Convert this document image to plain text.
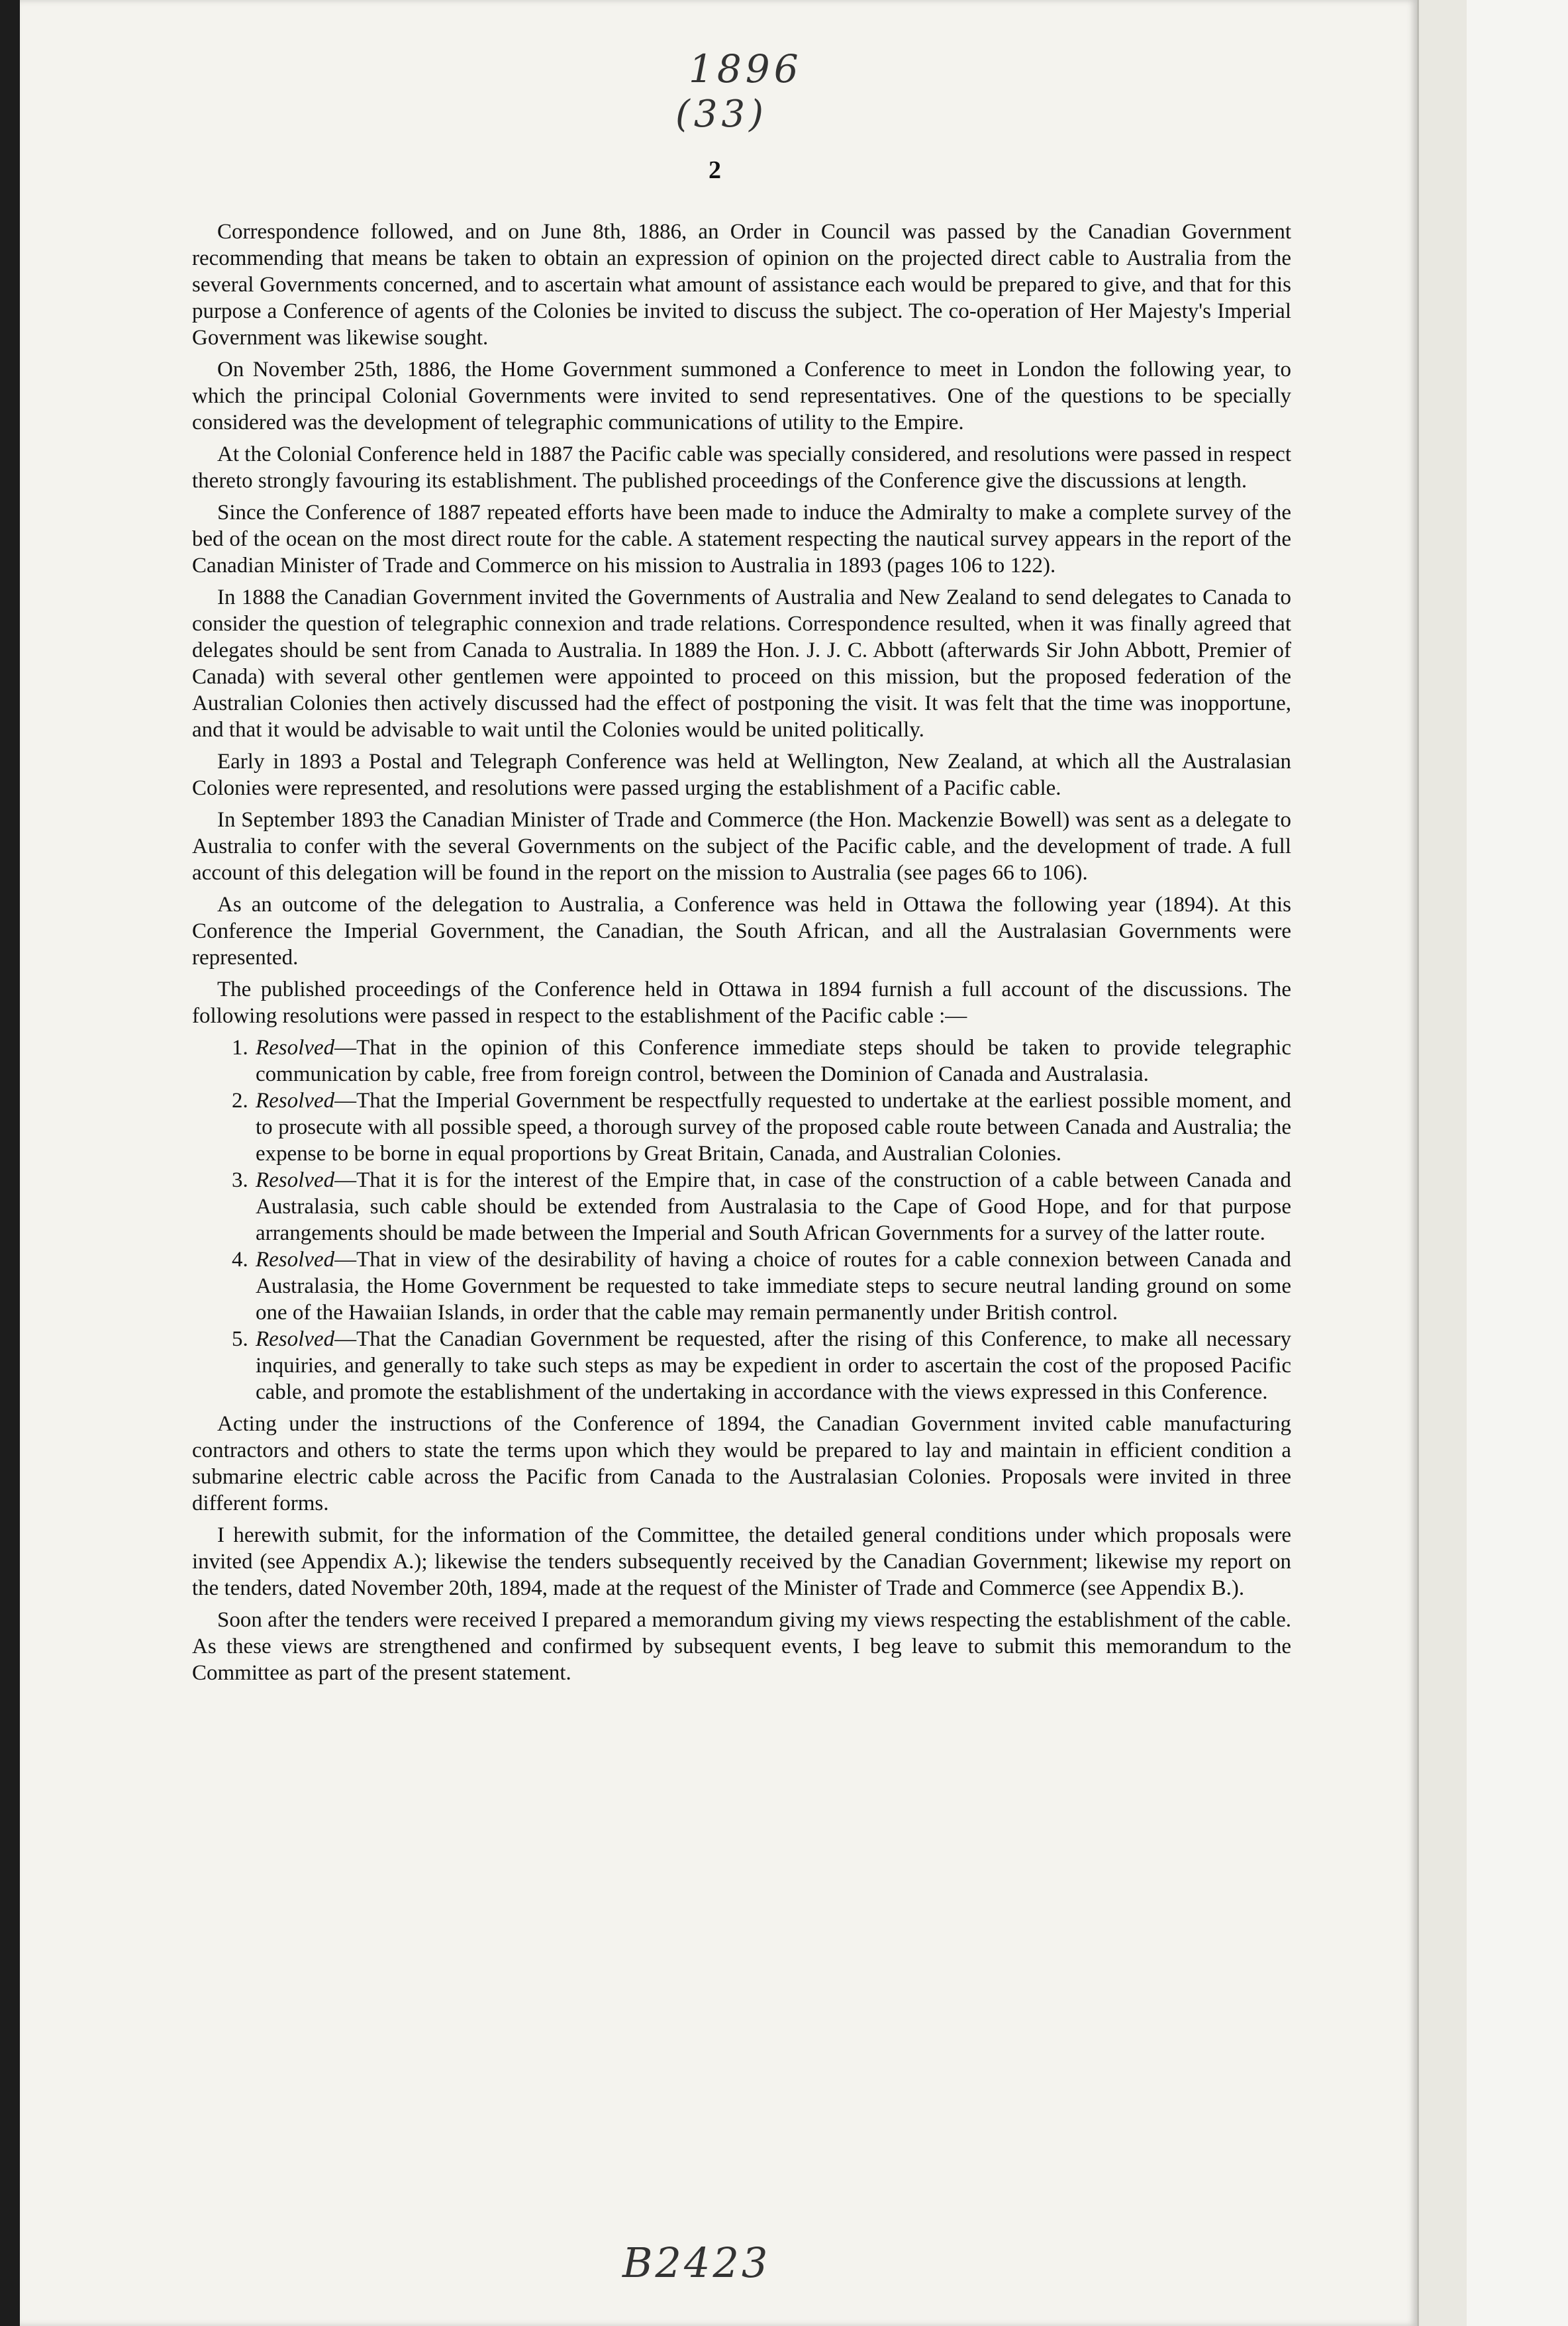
1896
(33)
2

Correspondence followed, and on June 8th, 1886, an Order in Council was passed by the Canadian Government recommending that means be taken to obtain an expression of opinion on the projected direct cable to Australia from the several Governments concerned, and to ascertain what amount of assistance each would be prepared to give, and that for this purpose a Conference of agents of the Colonies be invited to discuss the subject. The co-operation of Her Majesty's Imperial Government was likewise sought.

On November 25th, 1886, the Home Government summoned a Conference to meet in London the following year, to which the principal Colonial Governments were invited to send representatives. One of the questions to be specially considered was the development of telegraphic communications of utility to the Empire.

At the Colonial Conference held in 1887 the Pacific cable was specially considered, and resolutions were passed in respect thereto strongly favouring its establishment. The published proceedings of the Conference give the discussions at length.

Since the Conference of 1887 repeated efforts have been made to induce the Admiralty to make a complete survey of the bed of the ocean on the most direct route for the cable. A statement respecting the nautical survey appears in the report of the Canadian Minister of Trade and Commerce on his mission to Australia in 1893 (pages 106 to 122).

In 1888 the Canadian Government invited the Governments of Australia and New Zealand to send delegates to Canada to consider the question of telegraphic connexion and trade relations. Correspondence resulted, when it was finally agreed that delegates should be sent from Canada to Australia. In 1889 the Hon. J. J. C. Abbott (afterwards Sir John Abbott, Premier of Canada) with several other gentlemen were appointed to proceed on this mission, but the proposed federation of the Australian Colonies then actively discussed had the effect of postponing the visit. It was felt that the time was inopportune, and that it would be advisable to wait until the Colonies would be united politically.

Early in 1893 a Postal and Telegraph Conference was held at Wellington, New Zealand, at which all the Australasian Colonies were represented, and resolutions were passed urging the establishment of a Pacific cable.

In September 1893 the Canadian Minister of Trade and Commerce (the Hon. Mackenzie Bowell) was sent as a delegate to Australia to confer with the several Governments on the subject of the Pacific cable, and the development of trade. A full account of this delegation will be found in the report on the mission to Australia (see pages 66 to 106).

As an outcome of the delegation to Australia, a Conference was held in Ottawa the following year (1894). At this Conference the Imperial Government, the Canadian, the South African, and all the Australasian Governments were represented.

The published proceedings of the Conference held in Ottawa in 1894 furnish a full account of the discussions. The following resolutions were passed in respect to the establishment of the Pacific cable :—

1. Resolved—That in the opinion of this Conference immediate steps should be taken to provide telegraphic communication by cable, free from foreign control, between the Dominion of Canada and Australasia.
2. Resolved—That the Imperial Government be respectfully requested to undertake at the earliest possible moment, and to prosecute with all possible speed, a thorough survey of the proposed cable route between Canada and Australia; the expense to be borne in equal proportions by Great Britain, Canada, and Australian Colonies.
3. Resolved—That it is for the interest of the Empire that, in case of the construction of a cable between Canada and Australasia, such cable should be extended from Australasia to the Cape of Good Hope, and for that purpose arrangements should be made between the Imperial and South African Governments for a survey of the latter route.
4. Resolved—That in view of the desirability of having a choice of routes for a cable connexion between Canada and Australasia, the Home Government be requested to take immediate steps to secure neutral landing ground on some one of the Hawaiian Islands, in order that the cable may remain permanently under British control.
5. Resolved—That the Canadian Government be requested, after the rising of this Conference, to make all necessary inquiries, and generally to take such steps as may be expedient in order to ascertain the cost of the proposed Pacific cable, and promote the establishment of the undertaking in accordance with the views expressed in this Conference.

Acting under the instructions of the Conference of 1894, the Canadian Government invited cable manufacturing contractors and others to state the terms upon which they would be prepared to lay and maintain in efficient condition a submarine electric cable across the Pacific from Canada to the Australasian Colonies. Proposals were invited in three different forms.

I herewith submit, for the information of the Committee, the detailed general conditions under which proposals were invited (see Appendix A.); likewise the tenders subsequently received by the Canadian Government; likewise my report on the tenders, dated November 20th, 1894, made at the request of the Minister of Trade and Commerce (see Appendix B.).

Soon after the tenders were received I prepared a memorandum giving my views respecting the establishment of the cable. As these views are strengthened and confirmed by subsequent events, I beg leave to submit this memorandum to the Committee as part of the present statement.

B2423
